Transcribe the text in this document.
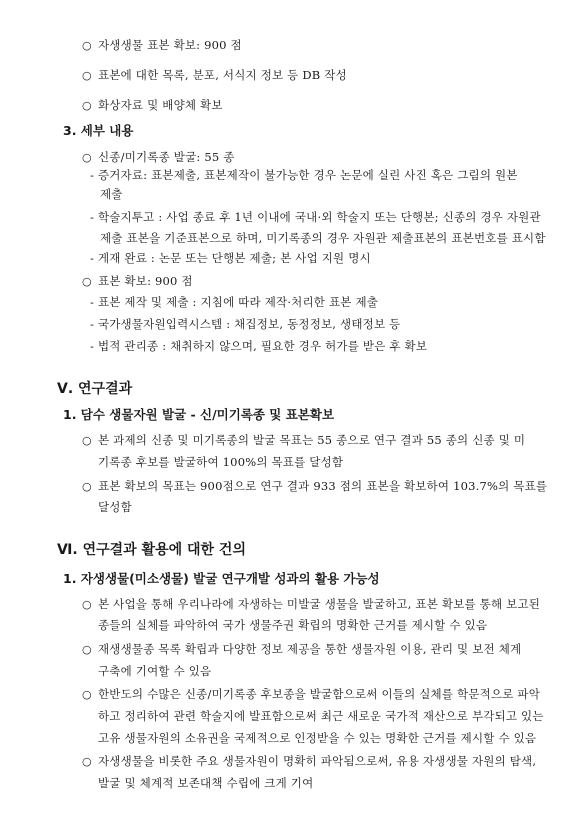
○ 자생생물 표본 확보: 900 점
○ 표본에 대한 목록, 분포, 서식지 정보 등 DB 작성
○ 화상자료 및 배양체 확보
3. 세부 내용
○ 신종/미기록종 발굴: 55 종
- 증거자료: 표본제출, 표본제작이 불가능한 경우 논문에 실린 사진 혹은 그림의 원본
제출
- 학술지투고 : 사업 종료 후 1년 이내에 국내·외 학술지 또는 단행본; 신종의 경우 자원관
제출 표본을 기준표본으로 하며, 미기록종의 경우 자원관 제출표본의 표본번호를 표시함
- 게재 완료 : 논문 또는 단행본 제출; 본 사업 지원 명시
○ 표본 확보: 900 점
- 표본 제작 및 제출 : 지침에 따라 제작·처리한 표본 제출
- 국가생물자원입력시스템 : 채집정보, 동정정보, 생태정보 등
- 법적 관리종 : 채취하지 않으며, 필요한 경우 허가를 받은 후 확보
Ⅴ. 연구결과
1. 담수 생물자원 발굴 - 신/미기록종 및 표본확보
○ 본 과제의 신종 및 미기록종의 발굴 목표는 55 종으로 연구 결과 55 종의 신종 및 미
기록종 후보를 발굴하여 100%의 목표를 달성함
○ 표본 확보의 목표는 900점으로 연구 결과 933 점의 표본을 확보하여 103.7%의 목표를
달성함
Ⅵ. 연구결과 활용에 대한 건의
1. 자생생물(미소생물) 발굴 연구개발 성과의 활용 가능성
○ 본 사업을 통해 우리나라에 자생하는 미발굴 생물을 발굴하고, 표본 확보를 통해 보고된
종들의 실체를 파악하여 국가 생물주권 확립의 명확한 근거를 제시할 수 있음
○ 재생생물종 목록 확립과 다양한 정보 제공을 통한 생물자원 이용, 관리 및 보전 체계
구축에 기여할 수 있음
○ 한반도의 수많은 신종/미기록종 후보종을 발굴함으로써 이들의 실체를 학문적으로 파악
하고 정리하여 관련 학술지에 발표함으로써 최근 새로운 국가적 재산으로 부각되고 있는
고유 생물자원의 소유권을 국제적으로 인정받을 수 있는 명확한 근거를 제시할 수 있음
○ 자생생물을 비롯한 주요 생물자원이 명확히 파악됨으로써, 유용 자생생물 자원의 탐색,
발굴 및 체계적 보존대책 수립에 크게 기여
